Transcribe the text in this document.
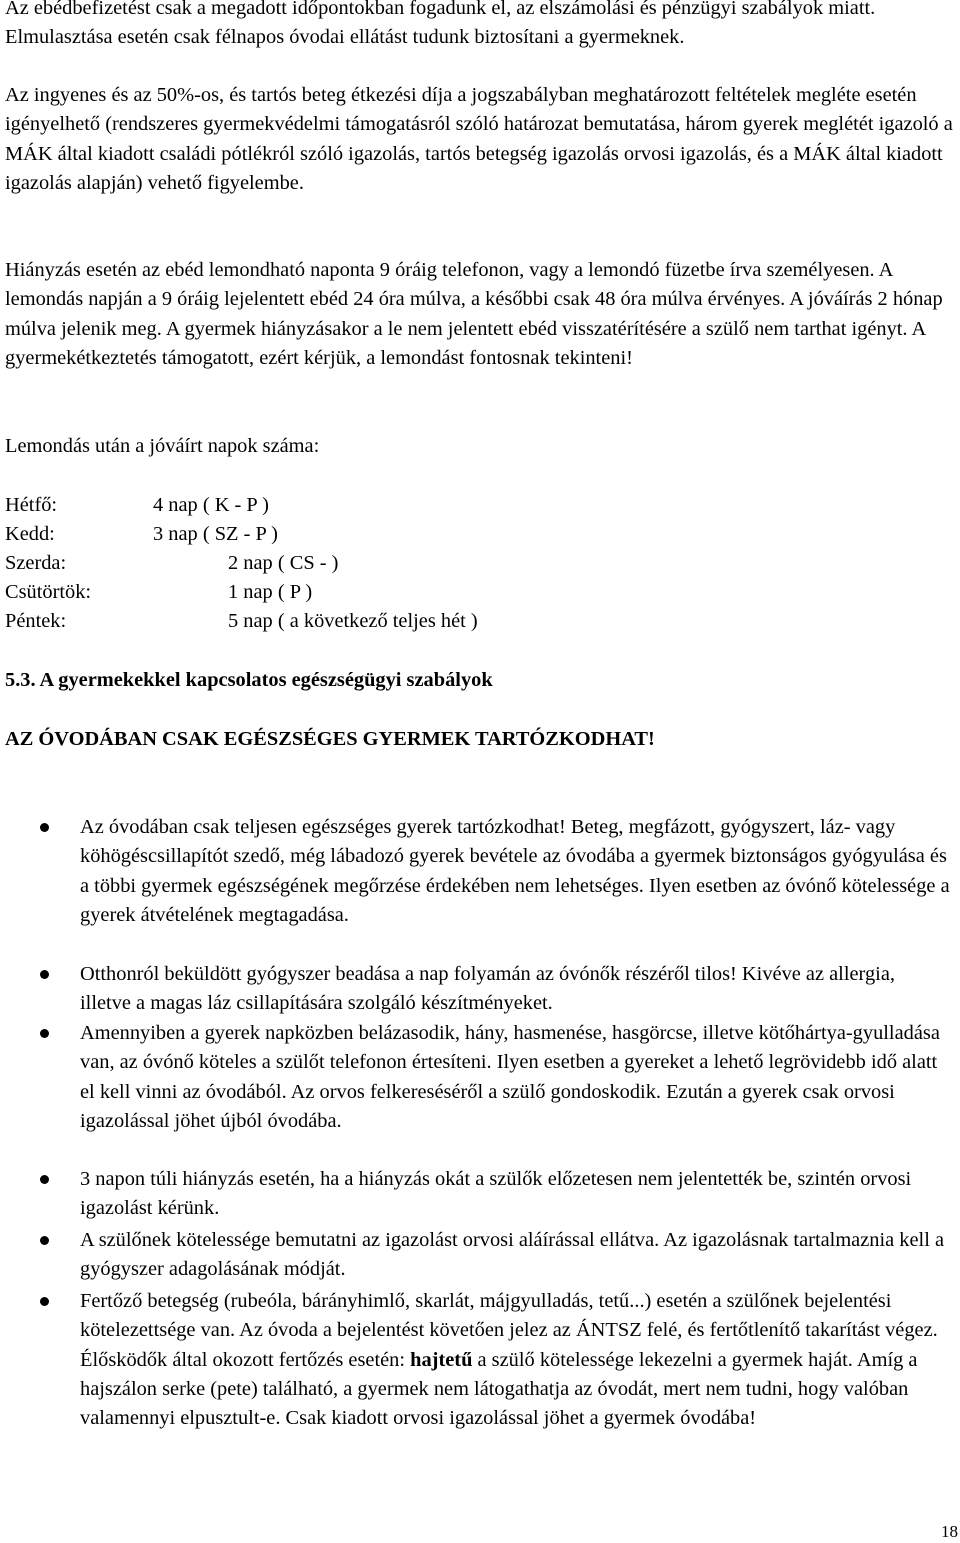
Az ebédbefizetést csak a megadott időpontokban fogadunk el, az elszámolási és pénzügyi szabályok miatt. Elmulasztása esetén csak félnapos óvodai ellátást tudunk biztosítani a gyermeknek.

Az ingyenes és az 50%-os, és tartós beteg étkezési díja a jogszabályban meghatározott feltételek megléte esetén igényelhető (rendszeres gyermekvédelmi támogatásról szóló határozat bemutatása, három gyerek meglétét igazoló a MÁK által kiadott családi pótlékról szóló igazolás, tartós betegség igazolás orvosi igazolás, és a MÁK által kiadott igazolás alapján) vehető figyelembe.

Hiányzás esetén az ebéd lemondható naponta 9 óráig telefonon, vagy a lemondó füzetbe írva személyesen. A lemondás napján a 9 óráig lejelentett ebéd 24 óra múlva, a későbbi csak 48 óra múlva érvényes. A jóváírás 2 hónap múlva jelenik meg. A gyermek hiányzásakor a le nem jelentett ebéd visszatérítésére a szülő nem tarthat igényt. A gyermekétkeztetés támogatott, ezért kérjük, a lemondást fontosnak tekinteni!

Lemondás után a jóváírt napok száma:
Hétfő:	4 nap ( K - P )
Kedd:	3 nap ( SZ - P )
Szerda:	2 nap ( CS - )
Csütörtök:	1 nap ( P )
Péntek:	5 nap ( a következő teljes hét )
5.3. A gyermekekkel kapcsolatos egészségügyi szabályok
AZ ÓVODÁBAN CSAK EGÉSZSÉGES GYERMEK TARTÓZKODHAT!
Az óvodában csak teljesen egészséges gyerek tartózkodhat! Beteg, megfázott, gyógyszert, láz- vagy köhögéscsillapítót szedő, még lábadozó gyerek bevétele az óvodába a gyermek biztonságos gyógyulása és a többi gyermek egészségének megőrzése érdekében nem lehetséges. Ilyen esetben az óvónő kötelessége a gyerek átvételének megtagadása.
Otthonról beküldött gyógyszer beadása a nap folyamán az óvónők részéről tilos! Kivéve az allergia, illetve a magas láz csillapítására szolgáló készítményeket.
Amennyiben a gyerek napközben belázasodik, hány, hasmenése, hasgörcse, illetve kötőhártya-gyulladása van, az óvónő köteles a szülőt telefonon értesíteni. Ilyen esetben a gyereket a lehető legrövidebb idő alatt el kell vinni az óvodából. Az orvos felkereséséről a szülő gondoskodik. Ezután a gyerek csak orvosi igazolással jöhet újból óvodába.
3 napon túli hiányzás esetén, ha a hiányzás okát a szülők előzetesen nem jelentették be, szintén orvosi igazolást kérünk.
A szülőnek kötelessége bemutatni az igazolást orvosi aláírással ellátva. Az igazolásnak tartalmaznia kell a gyógyszer adagolásának módját.
Fertőző betegség (rubeóla, bárányhimlő, skarlát, májgyulladás, tetű...) esetén a szülőnek bejelentési kötelezettsége van. Az óvoda a bejelentést követően jelez az ÁNTSZ felé, és fertőtlenítő takarítást végez. Élősködők által okozott fertőzés esetén: hajtetű a szülő kötelessége lekezelni a gyermek haját. Amíg a hajszálon serke (pete) található, a gyermek nem látogathatja az óvodát, mert nem tudni, hogy valóban valamennyi elpusztult-e. Csak kiadott orvosi igazolással jöhet a gyermek óvodába!
18
